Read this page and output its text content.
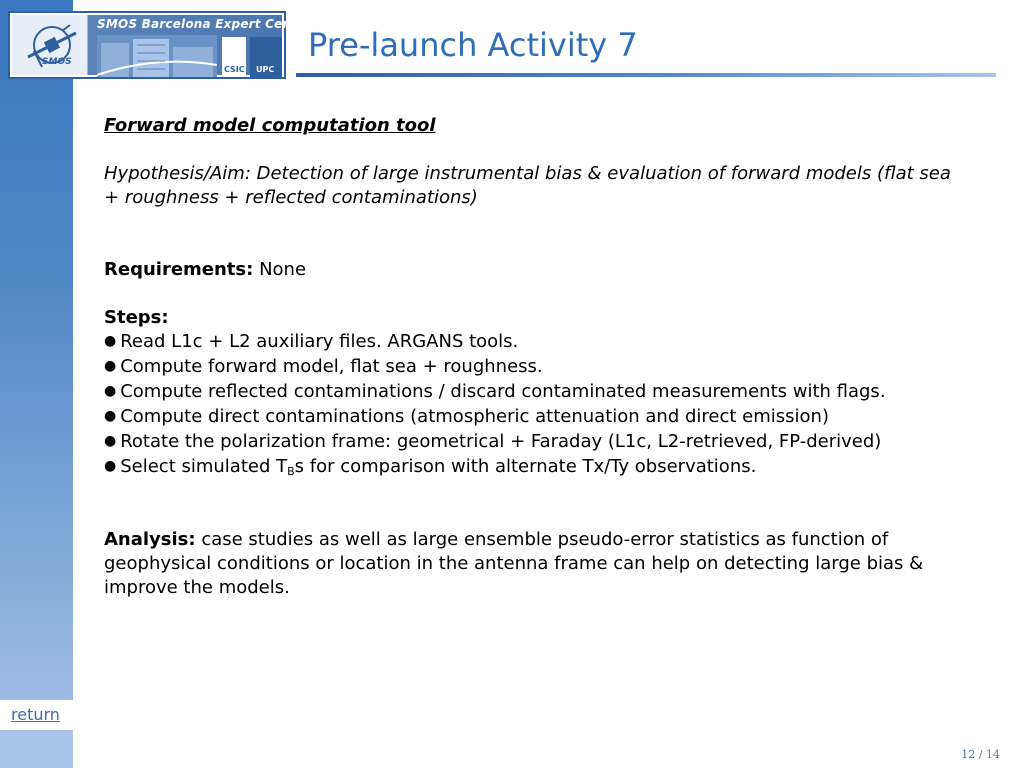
return
SMOS
SMOS Barcelona Expert Centre
CSIC UPC
Pre-launch Activity 7

Forward model computation tool

Hypothesis/Aim: Detection of large instrumental bias & evaluation of forward models (flat sea + roughness + reflected contaminations)

Requirements: None

Steps:

● Read L1c + L2 auxiliary files. ARGANS tools.

● Compute forward model, flat sea + roughness.

● Compute reflected contaminations / discard contaminated measurements with flags.

● Compute direct contaminations (atmospheric attenuation and direct emission)

● Rotate the polarization frame: geometrical + Faraday (L1c, L2-retrieved, FP-derived)

● Select simulated $T_Bs$ for comparison with alternate Tx/Ty observations.

Analysis: case studies as well as large ensemble pseudo-error statistics as function of geophysical conditions or location in the antenna frame can help on detecting large bias & improve the models.

12 / 14
